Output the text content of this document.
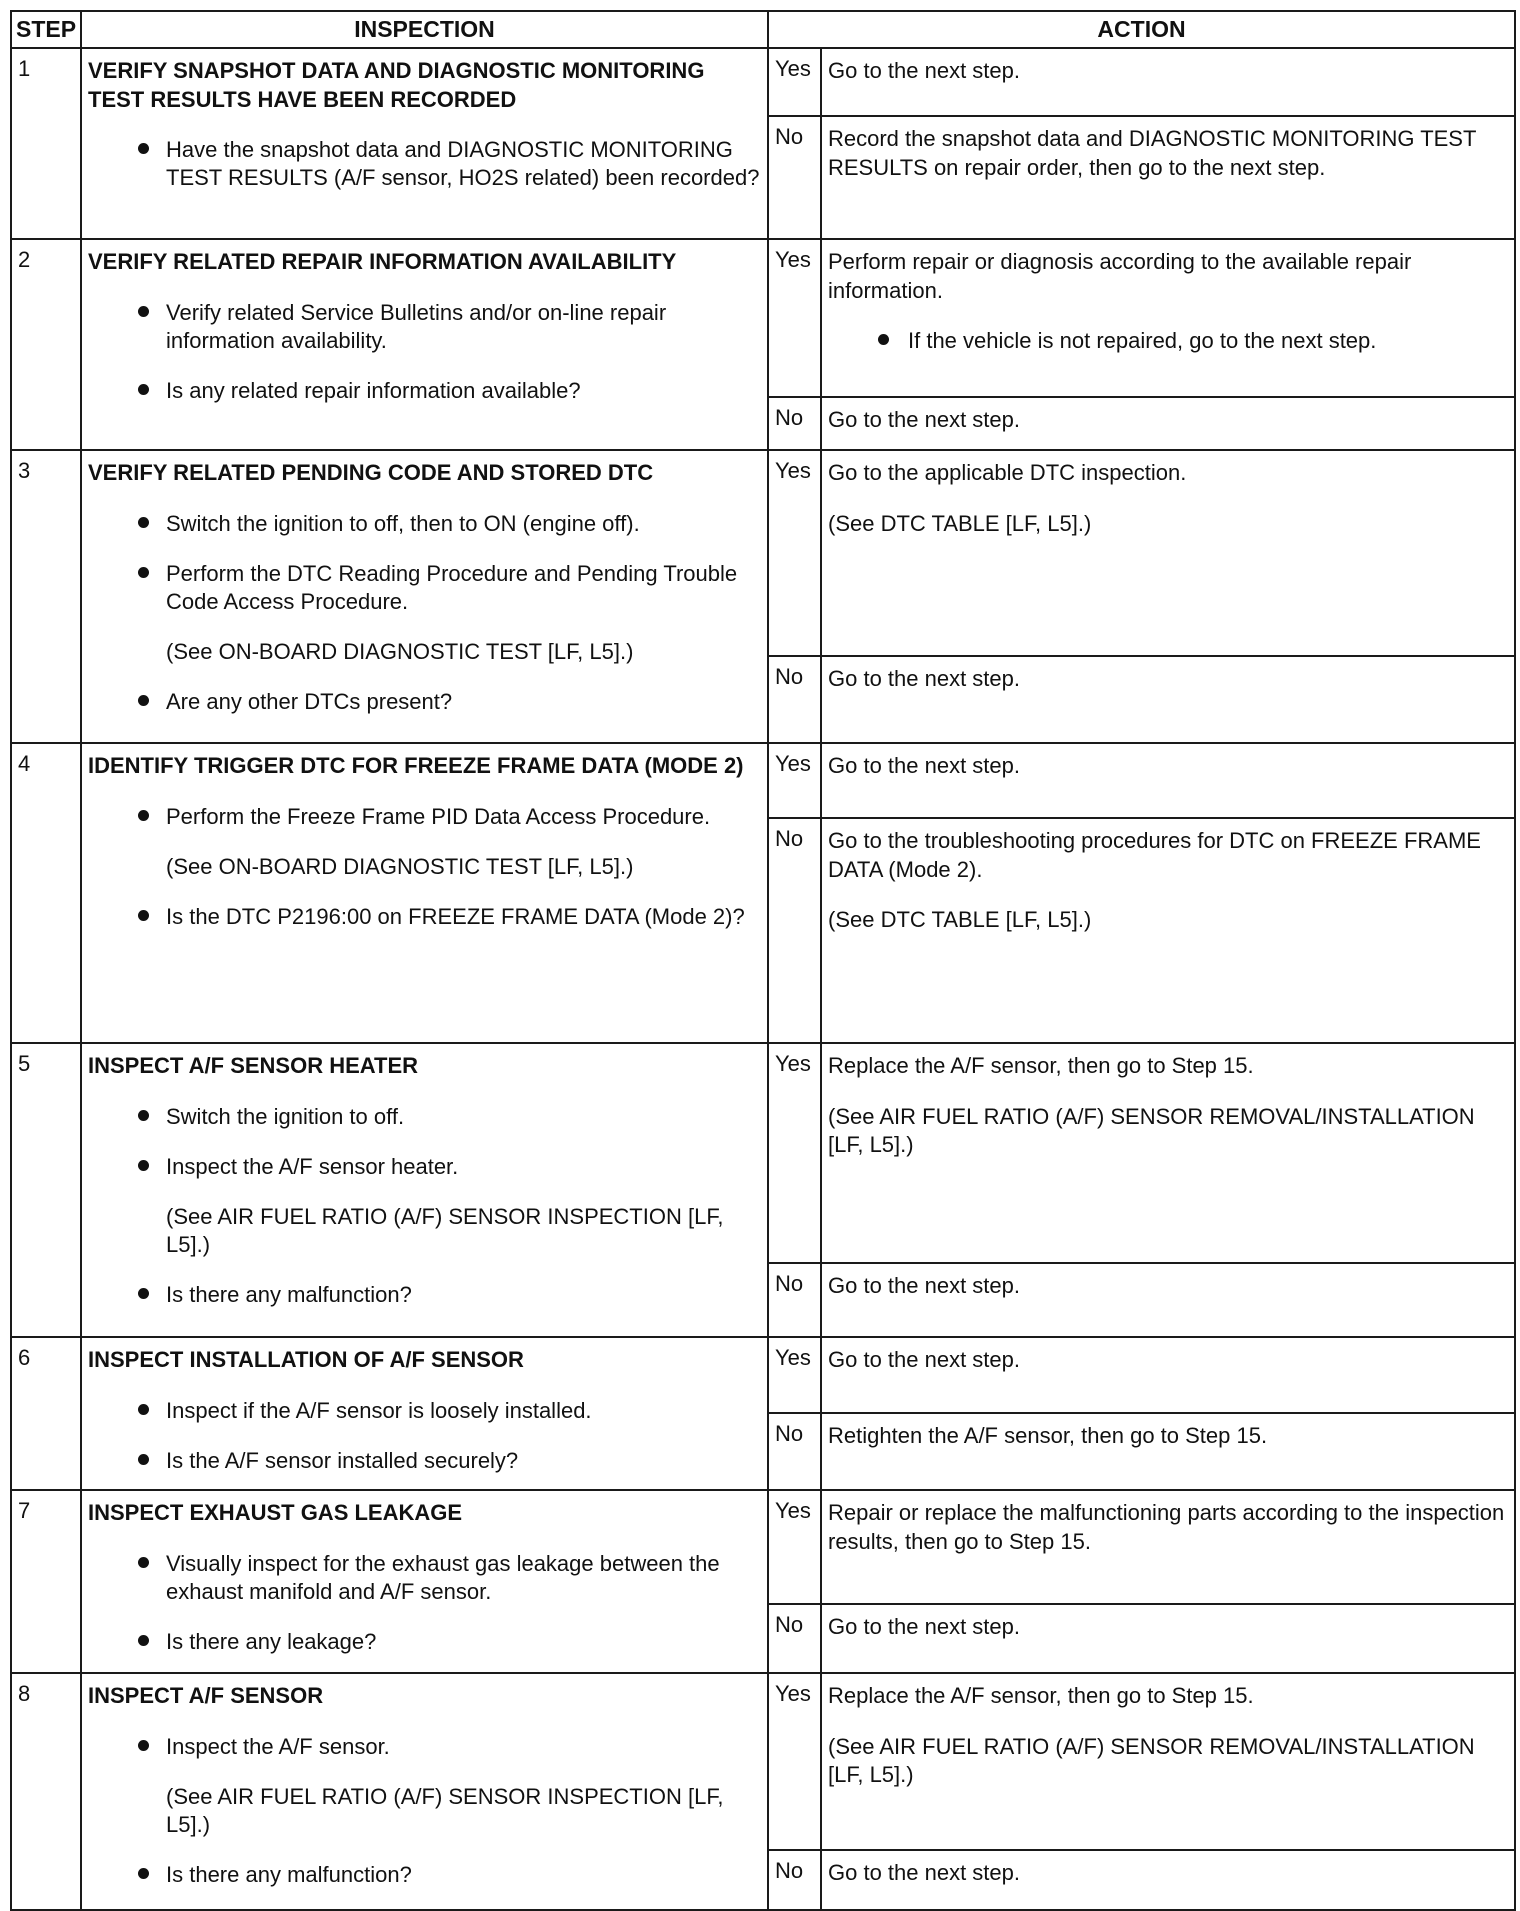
STEP	INSPECTION	ACTION	
1	VERIFY SNAPSHOT DATA AND DIAGNOSTIC MONITORING TEST RESULTS HAVE BEEN RECORDED
Have the snapshot data and DIAGNOSTIC MONITORING TEST RESULTS (A/F sensor, HO2S related) been recorded?	Yes	Go to the next step.

		No	Record the snapshot data and DIAGNOSTIC MONITORING TEST RESULTS on repair order, then go to the next step.

2	VERIFY RELATED REPAIR INFORMATION AVAILABILITY
Verify related Service Bulletins and/or on-line repair information availability.
Is any related repair information available?	Yes	Perform repair or diagnosis according to the available repair information.
If the vehicle is not repaired, go to the next step.

		No	Go to the next step.

3	VERIFY RELATED PENDING CODE AND STORED DTC
Switch the ignition to off, then to ON (engine off).
Perform the DTC Reading Procedure and Pending Trouble Code Access Procedure.
(See ON-BOARD DIAGNOSTIC TEST [LF, L5].)
Are any other DTCs present?	Yes	Go to the applicable DTC inspection.
(See DTC TABLE [LF, L5].)

		No	Go to the next step.

4	IDENTIFY TRIGGER DTC FOR FREEZE FRAME DATA (MODE 2)
Perform the Freeze Frame PID Data Access Procedure.
(See ON-BOARD DIAGNOSTIC TEST [LF, L5].)
Is the DTC P2196:00 on FREEZE FRAME DATA (Mode 2)?	Yes	Go to the next step.

		No	Go to the troubleshooting procedures for DTC on FREEZE FRAME DATA (Mode 2).
(See DTC TABLE [LF, L5].)

5	INSPECT A/F SENSOR HEATER
Switch the ignition to off.
Inspect the A/F sensor heater.
(See AIR FUEL RATIO (A/F) SENSOR INSPECTION [LF, L5].)
Is there any malfunction?	Yes	Replace the A/F sensor, then go to Step 15.
(See AIR FUEL RATIO (A/F) SENSOR REMOVAL/INSTALLATION [LF, L5].)

		No	Go to the next step.

6	INSPECT INSTALLATION OF A/F SENSOR
Inspect if the A/F sensor is loosely installed.
Is the A/F sensor installed securely?	Yes	Go to the next step.

		No	Retighten the A/F sensor, then go to Step 15.

7	INSPECT EXHAUST GAS LEAKAGE
Visually inspect for the exhaust gas leakage between the exhaust manifold and A/F sensor.
Is there any leakage?	Yes	Repair or replace the malfunctioning parts according to the inspection results, then go to Step 15.

		No	Go to the next step.

8	INSPECT A/F SENSOR
Inspect the A/F sensor.
(See AIR FUEL RATIO (A/F) SENSOR INSPECTION [LF, L5].)
Is there any malfunction?	Yes	Replace the A/F sensor, then go to Step 15.
(See AIR FUEL RATIO (A/F) SENSOR REMOVAL/INSTALLATION [LF, L5].)

		No	Go to the next step.
